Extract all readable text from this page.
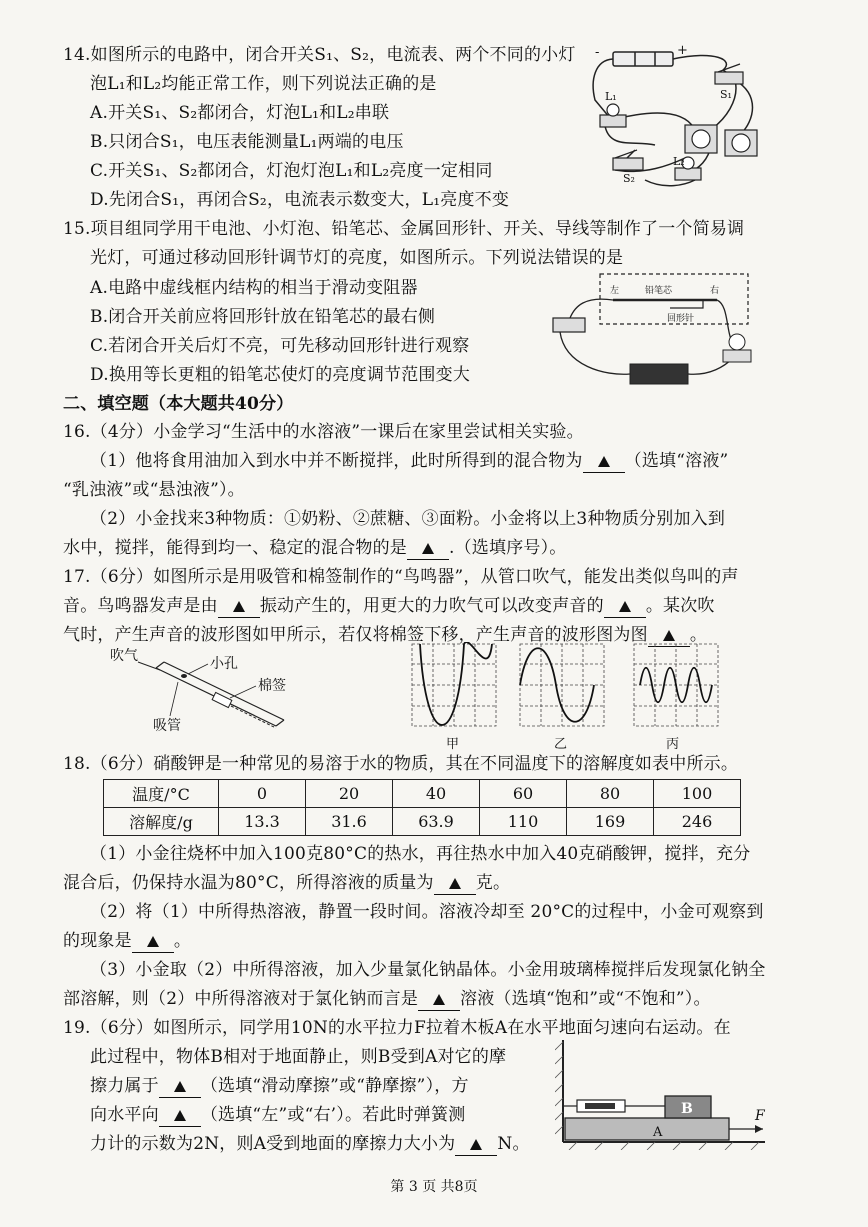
14.如图所示的电路中，闭合开关S₁、S₂，电流表、两个不同的小灯
泡L₁和L₂均能正常工作，则下列说法正确的是
A.开关S₁、S₂都闭合，灯泡L₁和L₂串联
B.只闭合S₁，电压表能测量L₁两端的电压
C.开关S₁、S₂都闭合，灯泡灯泡L₁和L₂亮度一定相同
D.先闭合S₁，再闭合S₂，电流表示数变大，L₁亮度不变
-	+
L₁	S₁
L₂
S₂
15.项目组同学用干电池、小灯泡、铅笔芯、金属回形针、开关、导线等制作了一个简易调
光灯，可通过移动回形针调节灯的亮度，如图所示。下列说法错误的是
A.电路中虚线框内结构的相当于滑动变阻器
B.闭合开关前应将回形针放在铅笔芯的最右侧
C.若闭合开关后灯不亮，可先移动回形针进行观察
D.换用等长更粗的铅笔芯使灯的亮度调节范围变大
左	铅笔芯	右
回形针
二、填空题（本大题共40分）
16.（4分）小金学习“生活中的水溶液”一课后在家里尝试相关实验。
（1）他将食用油加入到水中并不断搅拌，此时所得到的混合物为 （选填“溶液”
“乳浊液”或“悬浊液”）。
（2）小金找来3种物质：①奶粉、②蔗糖、③面粉。小金将以上3种物质分别加入到
水中，搅拌，能得到均一、稳定的混合物的是 .（选填序号）。
17.（6分）如图所示是用吸管和棉签制作的“鸟鸣器”，从管口吹气，能发出类似鸟叫的声
音。鸟鸣器发声是由 振动产生的，用更大的力吹气可以改变声音的 。某次吹
气时，产生声音的波形图如甲所示，若仅将棉签下移，产生声音的波形图为图 。
吹气	小孔
棉签
吸管
甲	乙	丙
18.（6分）硝酸钾是一种常见的易溶于水的物质，其在不同温度下的溶解度如表中所示。
温度/°C	0	20	40	60	80	100
溶解度/g	13.3	31.6	63.9	110	169	246
（1）小金往烧杯中加入100克80°C的热水，再往热水中加入40克硝酸钾，搅拌，充分
混合后，仍保持水温为80°C，所得溶液的质量为 克。
（2）将（1）中所得热溶液，静置一段时间。溶液冷却至 20°C的过程中，小金可观察到
的现象是 。
（3）小金取（2）中所得溶液，加入少量氯化钠晶体。小金用玻璃棒搅拌后发现氯化钠全
部溶解，则（2）中所得溶液对于氯化钠而言是 溶液（选填“饱和”或“不饱和”）。
19.（6分）如图所示，同学用10N的水平拉力F拉着木板A在水平地面匀速向右运动。在
此过程中，物体B相对于地面静止，则B受到A对它的摩
擦力属于 （选填“滑动摩擦”或“静摩擦”），方
向水平向 （选填“左”或“右’）。若此时弹簧测
力计的示数为2N，则A受到地面的摩擦力大小为 N。
B
A
F
第 3 页 共8页
